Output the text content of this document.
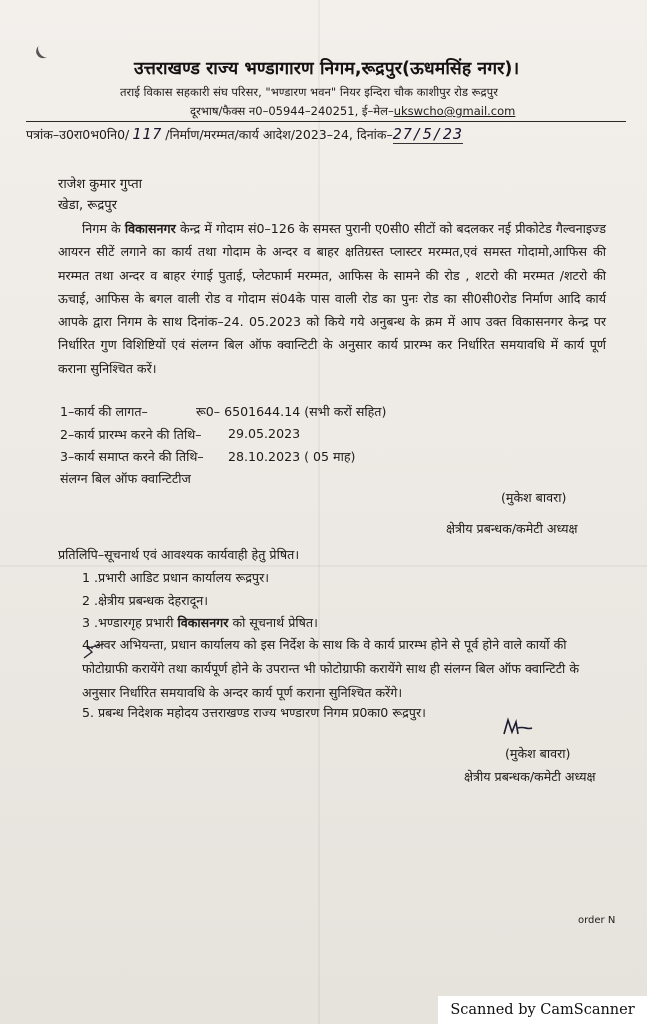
उत्तराखण्ड राज्य भण्डागारण निगम,रूद्रपुर(ऊधमसिंह नगर)।
तराई विकास सहकारी संघ परिसर, "भण्डारण भवन" नियर इन्दिरा चौक काशीपुर रोड रूद्रपुर
दूरभाष/फैक्स न0–05944–240251, ई–मेल–ukswcho@gmail.com
पत्रांक–उ0रा0भ0नि0/ 117 /निर्माण/मरम्मत/कार्य आदेश/2023–24, दिनांक–27/5/23
राजेश कुमार गुप्ता
खेडा, रूद्रपुर
निगम के विकासनगर केन्द्र में गोदाम सं0–126 के समस्त पुरानी ए0सी0 सीटों को बदलकर नई प्रीकोटेड गैल्वनाइज्ड आयरन सीटें लगाने का कार्य तथा गोदाम के अन्दर व बाहर क्षतिग्रस्त प्लास्टर मरम्मत,एवं समस्त गोदामो,आफिस की मरम्मत तथा अन्दर व बाहर रंगाई पुताई, प्लेटफार्म मरम्मत, आफिस के सामने की रोड , शटरो की मरम्मत /शटरो की ऊचाई, आफिस के बगल वाली रोड व गोदाम सं04के पास वाली रोड का पुनः रोड का सी0सी0रोड निर्माण आदि कार्य आपके द्वारा निगम के साथ दिनांक–24. 05.2023 को किये गये अनुबन्ध के क्रम में आप उक्त विकासनगर केन्द्र पर निर्धारित गुण विशिष्टियों एवं संलग्न बिल ऑफ क्वान्टिटी के अनुसार कार्य प्रारम्भ कर निर्धारित समयावधि में कार्य पूर्ण कराना सुनिश्चित करें।
1–कार्य की लागत–	रू0– 6501644.14 (सभी करों सहित)
2–कार्य प्रारम्भ करने की तिथि– 29.05.2023
3–कार्य समाप्त करने की तिथि– 28.10.2023 ( 05 माह)
संलग्न बिल ऑफ क्वान्टिटीज
(मुकेश बावरा)
क्षेत्रीय प्रबन्धक/कमेटी अध्यक्ष
प्रतिलिपि–सूचनार्थ एवं आवश्यक कार्यवाही हेतु प्रेषित।
1 .प्रभारी आडिट प्रधान कार्यालय रूद्रपुर।
2 .क्षेत्रीय प्रबन्धक देहरादून।
3 .भण्डारगृह प्रभारी विकासनगर को सूचनार्थ प्रेषित।
4.अवर अभियन्ता, प्रधान कार्यालय को इस निर्देश के साथ कि वे कार्य प्रारम्भ होने से पूर्व होने वाले कार्यो की फोटोग्राफी करायेंगे तथा कार्यपूर्ण होने के उपरान्त भी फोटोग्राफी करायेंगे साथ ही संलग्न बिल ऑफ क्वान्टिटी के अनुसार निर्धारित समयावधि के अन्दर कार्य पूर्ण कराना सुनिश्चित करेंगे।
5. प्रबन्ध निदेशक महोदय उत्तराखण्ड राज्य भण्डारण निगम प्र0का0 रूद्रपुर।
(मुकेश बावरा)
क्षेत्रीय प्रबन्धक/कमेटी अध्यक्ष
order N
Scanned by CamScanner
